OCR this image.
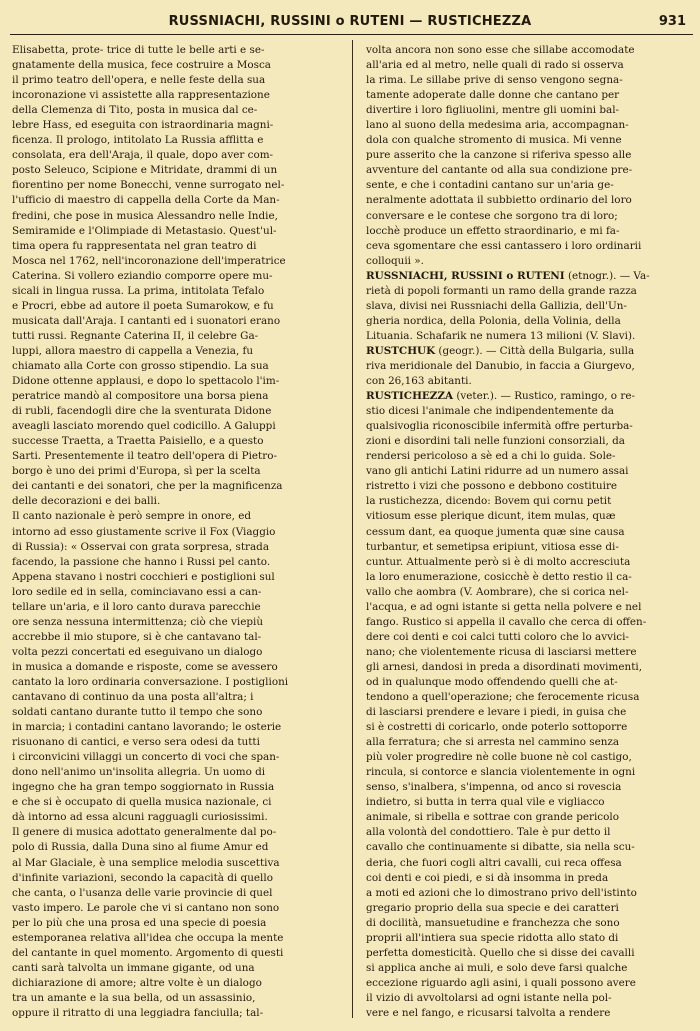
RUSSNIACHI, RUSSINI o RUTENI — RUSTICHEZZA	931
Elisabetta, prote- trice di tutte le belle arti e se-
gnatamente della musica, fece costruire a Mosca
il primo teatro dell'opera, e nelle feste della sua
incoronazione vi assistette alla rappresentazione
della Clemenza di Tito, posta in musica dal ce-
lebre Hass, ed eseguita con istraordinaria magni-
ficenza. Il prologo, intitolato La Russia afflitta e
consolata, era dell'Araja, il quale, dopo aver com-
posto Seleuco, Scipione e Mitridate, drammi di un
fiorentino per nome Bonecchi, venne surrogato nel-
l'ufficio di maestro di cappella della Corte da Man-
fredini, che pose in musica Alessandro nelle Indie,
Semiramide e l'Olimpiade di Metastasio. Quest'ul-
tima opera fu rappresentata nel gran teatro di
Mosca nel 1762, nell'incoronazione dell'imperatrice
Caterina. Si vollero eziandio comporre opere mu-
sicali in lingua russa. La prima, intitolata Tefalo
e Procri, ebbe ad autore il poeta Sumarokow, e fu
musicata dall'Araja. I cantanti ed i suonatori erano
tutti russi. Regnante Caterina II, il celebre Ga-
luppi, allora maestro di cappella a Venezia, fu
chiamato alla Corte con grosso stipendio. La sua
Didone ottenne applausi, e dopo lo spettacolo l'im-
peratrice mandò al compositore una borsa piena
di rubli, facendogli dire che la sventurata Didone
aveagli lasciato morendo quel codicillo. A Galuppi
successe Traetta, a Traetta Paisiello, e a questo
Sarti. Presentemente il teatro dell'opera di Pietro-
borgo è uno dei primi d'Europa, sì per la scelta
dei cantanti e dei sonatori, che per la magnificenza
delle decorazioni e dei balli.
Il canto nazionale è però sempre in onore, ed
intorno ad esso giustamente scrive il Fox (Viaggio
di Russia): « Osservai con grata sorpresa, strada
facendo, la passione che hanno i Russi pel canto.
Appena stavano i nostri cocchieri e postiglioni sul
loro sedile ed in sella, cominciavano essi a can-
tellare un'aria, e il loro canto durava parecchie
ore senza nessuna intermittenza; ciò che viepiù
accrebbe il mio stupore, si è che cantavano tal-
volta pezzi concertati ed eseguivano un dialogo
in musica a domande e risposte, come se avessero
cantato la loro ordinaria conversazione. I postiglioni
cantavano di continuo da una posta all'altra; i
soldati cantano durante tutto il tempo che sono
in marcia; i contadini cantano lavorando; le osterie
risuonano di cantici, e verso sera odesi da tutti
i circonvicini villaggi un concerto di voci che span-
dono nell'animo un'insolita allegria. Un uomo di
ingegno che ha gran tempo soggiornato in Russia
e che si è occupato di quella musica nazionale, ci
dà intorno ad essa alcuni ragguagli curiosissimi.
Il genere di musica adottato generalmente dal po-
polo di Russia, dalla Duna sino al fiume Amur ed
al Mar Glaciale, è una semplice melodia suscettiva
d'infinite variazioni, secondo la capacità di quello
che canta, o l'usanza delle varie provincie di quel
vasto impero. Le parole che vi si cantano non sono
per lo più che una prosa ed una specie di poesia
estemporanea relativa all'idea che occupa la mente
del cantante in quel momento. Argomento di questi
canti sarà talvolta un immane gigante, od una
dichiarazione di amore; altre volte è un dialogo
tra un amante e la sua bella, od un assassinio,
oppure il ritratto di una leggiadra fanciulla; tal-
volta ancora non sono esse che sillabe accomodate
all'aria ed al metro, nelle quali di rado si osserva
la rima. Le sillabe prive di senso vengono segna-
tamente adoperate dalle donne che cantano per
divertire i loro figliuolini, mentre gli uomini bal-
lano al suono della medesima aria, accompagnan-
dola con qualche stromento di musica. Mi venne
pure asserito che la canzone si riferiva spesso alle
avventure del cantante od alla sua condizione pre-
sente, e che i contadini cantano sur un'aria ge-
neralmente adottata il subbietto ordinario del loro
conversare e le contese che sorgono tra di loro;
locchè produce un effetto straordinario, e mi fa-
ceva sgomentare che essi cantassero i loro ordinarii
colloquii ».
RUSSNIACHI, RUSSINI o RUTENI (etnogr.). — Va-
rietà di popoli formanti un ramo della grande razza
slava, divisi nei Russniachi della Gallizia, dell'Un-
gheria nordica, della Polonia, della Volinia, della
Lituania. Schafarik ne numera 13 milioni (V. Slavi).
RUSTCHUK (geogr.). — Città della Bulgaria, sulla
riva meridionale del Danubio, in faccia a Giurgevo,
con 26,163 abitanti.
RUSTICHEZZA (veter.). — Rustico, ramingo, o re-
stio dicesi l'animale che indipendentemente da
qualsivoglia riconoscibile infermità offre perturba-
zioni e disordini tali nelle funzioni consorziali, da
rendersi pericoloso a sè ed a chi lo guida. Sole-
vano gli antichi Latini ridurre ad un numero assai
ristretto i vizi che possono e debbono costituire
la rustichezza, dicendo: Bovem qui cornu petit
vitiosum esse plerique dicunt, item mulas, quæ
cessum dant, ea quoque jumenta quæ sine causa
turbantur, et semetipsa eripiunt, vitiosa esse di-
cuntur. Attualmente però si è di molto accresciuta
la loro enumerazione, cosicchè è detto restio il ca-
vallo che aombra (V. Aombrare), che si corica nel-
l'acqua, e ad ogni istante si getta nella polvere e nel
fango. Rustico si appella il cavallo che cerca di offen-
dere coi denti e coi calci tutti coloro che lo avvici-
nano; che violentemente ricusa di lasciarsi mettere
gli arnesi, dandosi in preda a disordinati movimenti,
od in qualunque modo offendendo quelli che at-
tendono a quell'operazione; che ferocemente ricusa
di lasciarsi prendere e levare i piedi, in guisa che
si è costretti di coricarlo, onde poterlo sottoporre
alla ferratura; che si arresta nel cammino senza
più voler progredire nè colle buone nè col castigo,
rincula, si contorce e slancia violentemente in ogni
senso, s'inalbera, s'impenna, od anco si rovescia
indietro, si butta in terra qual vile e vigliacco
animale, si ribella e sottrae con grande pericolo
alla volontà del condottiero. Tale è pur detto il
cavallo che continuamente si dibatte, sia nella scu-
deria, che fuori cogli altri cavalli, cui reca offesa
coi denti e coi piedi, e si dà insomma in preda
a moti ed azioni che lo dimostrano privo dell'istinto
gregario proprio della sua specie e dei caratteri
di docilità, mansuetudine e franchezza che sono
proprii all'intiera sua specie ridotta allo stato di
perfetta domesticità. Quello che si disse dei cavalli
si applica anche ai muli, e solo deve farsi qualche
eccezione riguardo agli asini, i quali possono avere
il vizio di avvoltolarsi ad ogni istante nella pol-
vere e nel fango, e ricusarsi talvolta a rendere
